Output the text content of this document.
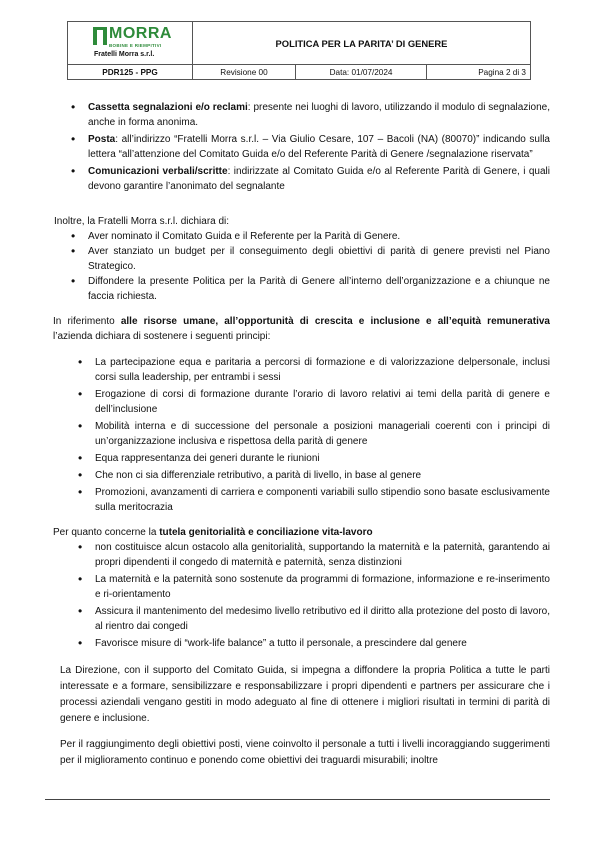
MORRA
BOBINE E RIEMPITIVI
Fratelli Morra s.r.l.	POLITICA PER LA PARITA’ DI GENERE		
PDR125 - PPG	Revisione 00	Data: 01/07/2024	Pagina 2 di 3
• Cassetta segnalazioni e/o reclami: presente nei luoghi di lavoro, utilizzando il modulo di segnalazione, anche in forma anonima.
• Posta: all’indirizzo “Fratelli Morra s.r.l. – Via Giulio Cesare, 107 – Bacoli (NA) (80070)” indicando sulla lettera “all’attenzione del Comitato Guida e/o del Referente Parità di Genere /segnalazione riservata”
• Comunicazioni verbali/scritte: indirizzate al Comitato Guida e/o al Referente Parità di Genere, i quali devono garantire l’anonimato del segnalante

Inoltre, la Fratelli Morra s.r.l. dichiara di:

• Aver nominato il Comitato Guida e il Referente per la Parità di Genere.
• Aver stanziato un budget per il conseguimento degli obiettivi di parità di genere previsti nel Piano Strategico.
• Diffondere la presente Politica per la Parità di Genere all’interno dell’organizzazione e a chiunque ne faccia richiesta.

In riferimento alle risorse umane, all’opportunità di crescita e inclusione e all’equità remunerativa l’azienda dichiara di sostenere i seguenti principi:

• La partecipazione equa e paritaria a percorsi di formazione e di valorizzazione delpersonale, inclusi corsi sulla leadership, per entrambi i sessi
• Erogazione di corsi di formazione durante l’orario di lavoro relativi ai temi della parità di genere e dell’inclusione
• Mobilità interna e di successione del personale a posizioni manageriali coerenti con i principi di un’organizzazione inclusiva e rispettosa della parità di genere
• Equa rappresentanza dei generi durante le riunioni
• Che non ci sia differenziale retributivo, a parità di livello, in base al genere
• Promozioni, avanzamenti di carriera e componenti variabili sullo stipendio sono basate esclusivamente sulla meritocrazia

Per quanto concerne la tutela genitorialità e conciliazione vita-lavoro

• non costituisce alcun ostacolo alla genitorialità, supportando la maternità e la paternità, garantendo ai propri dipendenti il congedo di maternità e paternità, senza distinzioni
• La maternità e la paternità sono sostenute da programmi di formazione, informazione e re-inserimento e ri-orientamento
• Assicura il mantenimento del medesimo livello retributivo ed il diritto alla protezione del posto di lavoro, al rientro dai congedi
• Favorisce misure di “work-life balance” a tutto il personale, a prescindere dal genere

La Direzione, con il supporto del Comitato Guida, si impegna a diffondere la propria Politica a tutte le parti interessate e a formare, sensibilizzare e responsabilizzare i propri dipendenti e partners per assicurare che i processi aziendali vengano gestiti in modo adeguato al fine di ottenere i migliori risultati in termini di parità di genere e inclusione.

Per il raggiungimento degli obiettivi posti, viene coinvolto il personale a tutti i livelli incoraggiando suggerimenti per il miglioramento continuo e ponendo come obiettivi dei traguardi misurabili; inoltre
